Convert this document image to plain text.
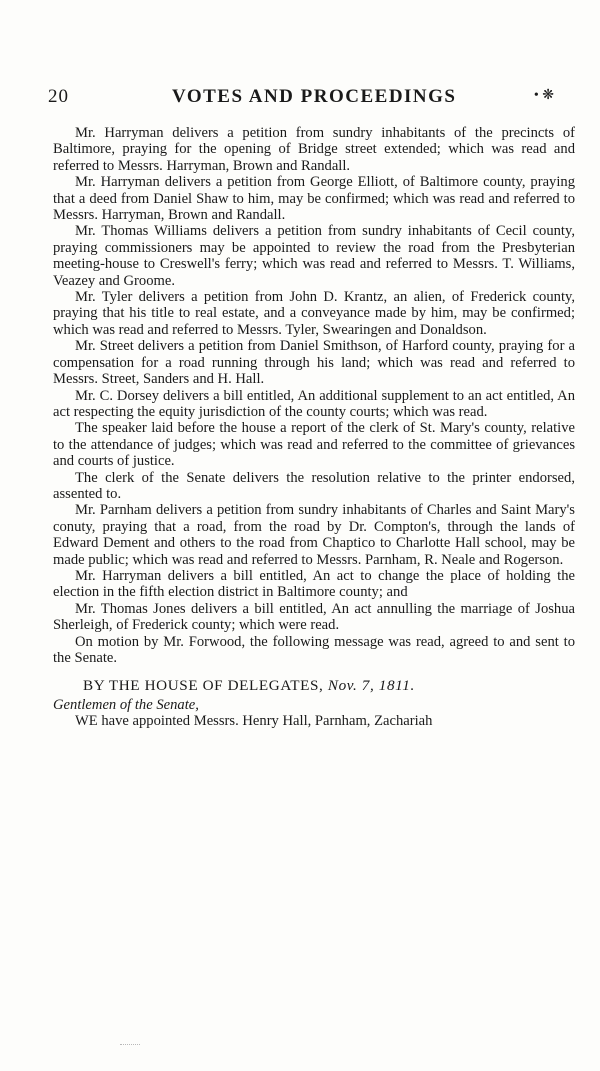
20	VOTES AND PROCEEDINGS	• ❋

Mr. Harryman delivers a petition from sundry inhabitants of the precincts of Baltimore, praying for the opening of Bridge street extended; which was read and referred to Messrs. Harryman, Brown and Randall.

Mr. Harryman delivers a petition from George Elliott, of Baltimore county, praying that a deed from Daniel Shaw to him, may be confirmed; which was read and referred to Messrs. Harryman, Brown and Randall.

Mr. Thomas Williams delivers a petition from sundry inhabitants of Cecil county, praying commissioners may be appointed to review the road from the Presbyterian meeting-house to Creswell's ferry; which was read and referred to Messrs. T. Williams, Veazey and Groome.

Mr. Tyler delivers a petition from John D. Krantz, an alien, of Frederick county, praying that his title to real estate, and a conveyance made by him, may be confirmed; which was read and referred to Messrs. Tyler, Swearingen and Donaldson.

Mr. Street delivers a petition from Daniel Smithson, of Harford county, praying for a compensation for a road running through his land; which was read and referred to Messrs. Street, Sanders and H. Hall.

Mr. C. Dorsey delivers a bill entitled, An additional supplement to an act entitled, An act respecting the equity jurisdiction of the county courts; which was read.

The speaker laid before the house a report of the clerk of St. Mary's county, relative to the attendance of judges; which was read and referred to the committee of grievances and courts of justice.

The clerk of the Senate delivers the resolution relative to the printer endorsed, assented to.

Mr. Parnham delivers a petition from sundry inhabitants of Charles and Saint Mary's conuty, praying that a road, from the road by Dr. Compton's, through the lands of Edward Dement and others to the road from Chaptico to Charlotte Hall school, may be made public; which was read and referred to Messrs. Parnham, R. Neale and Rogerson.

Mr. Harryman delivers a bill entitled, An act to change the place of holding the election in the fifth election district in Baltimore county; and

Mr. Thomas Jones delivers a bill entitled, An act annulling the marriage of Joshua Sherleigh, of Frederick county; which were read.

On motion by Mr. Forwood, the following message was read, agreed to and sent to the Senate.

BY THE HOUSE OF DELEGATES, Nov. 7, 1811.

Gentlemen of the Senate,

WE have appointed Messrs. Henry Hall, Parnham, Zachariah
